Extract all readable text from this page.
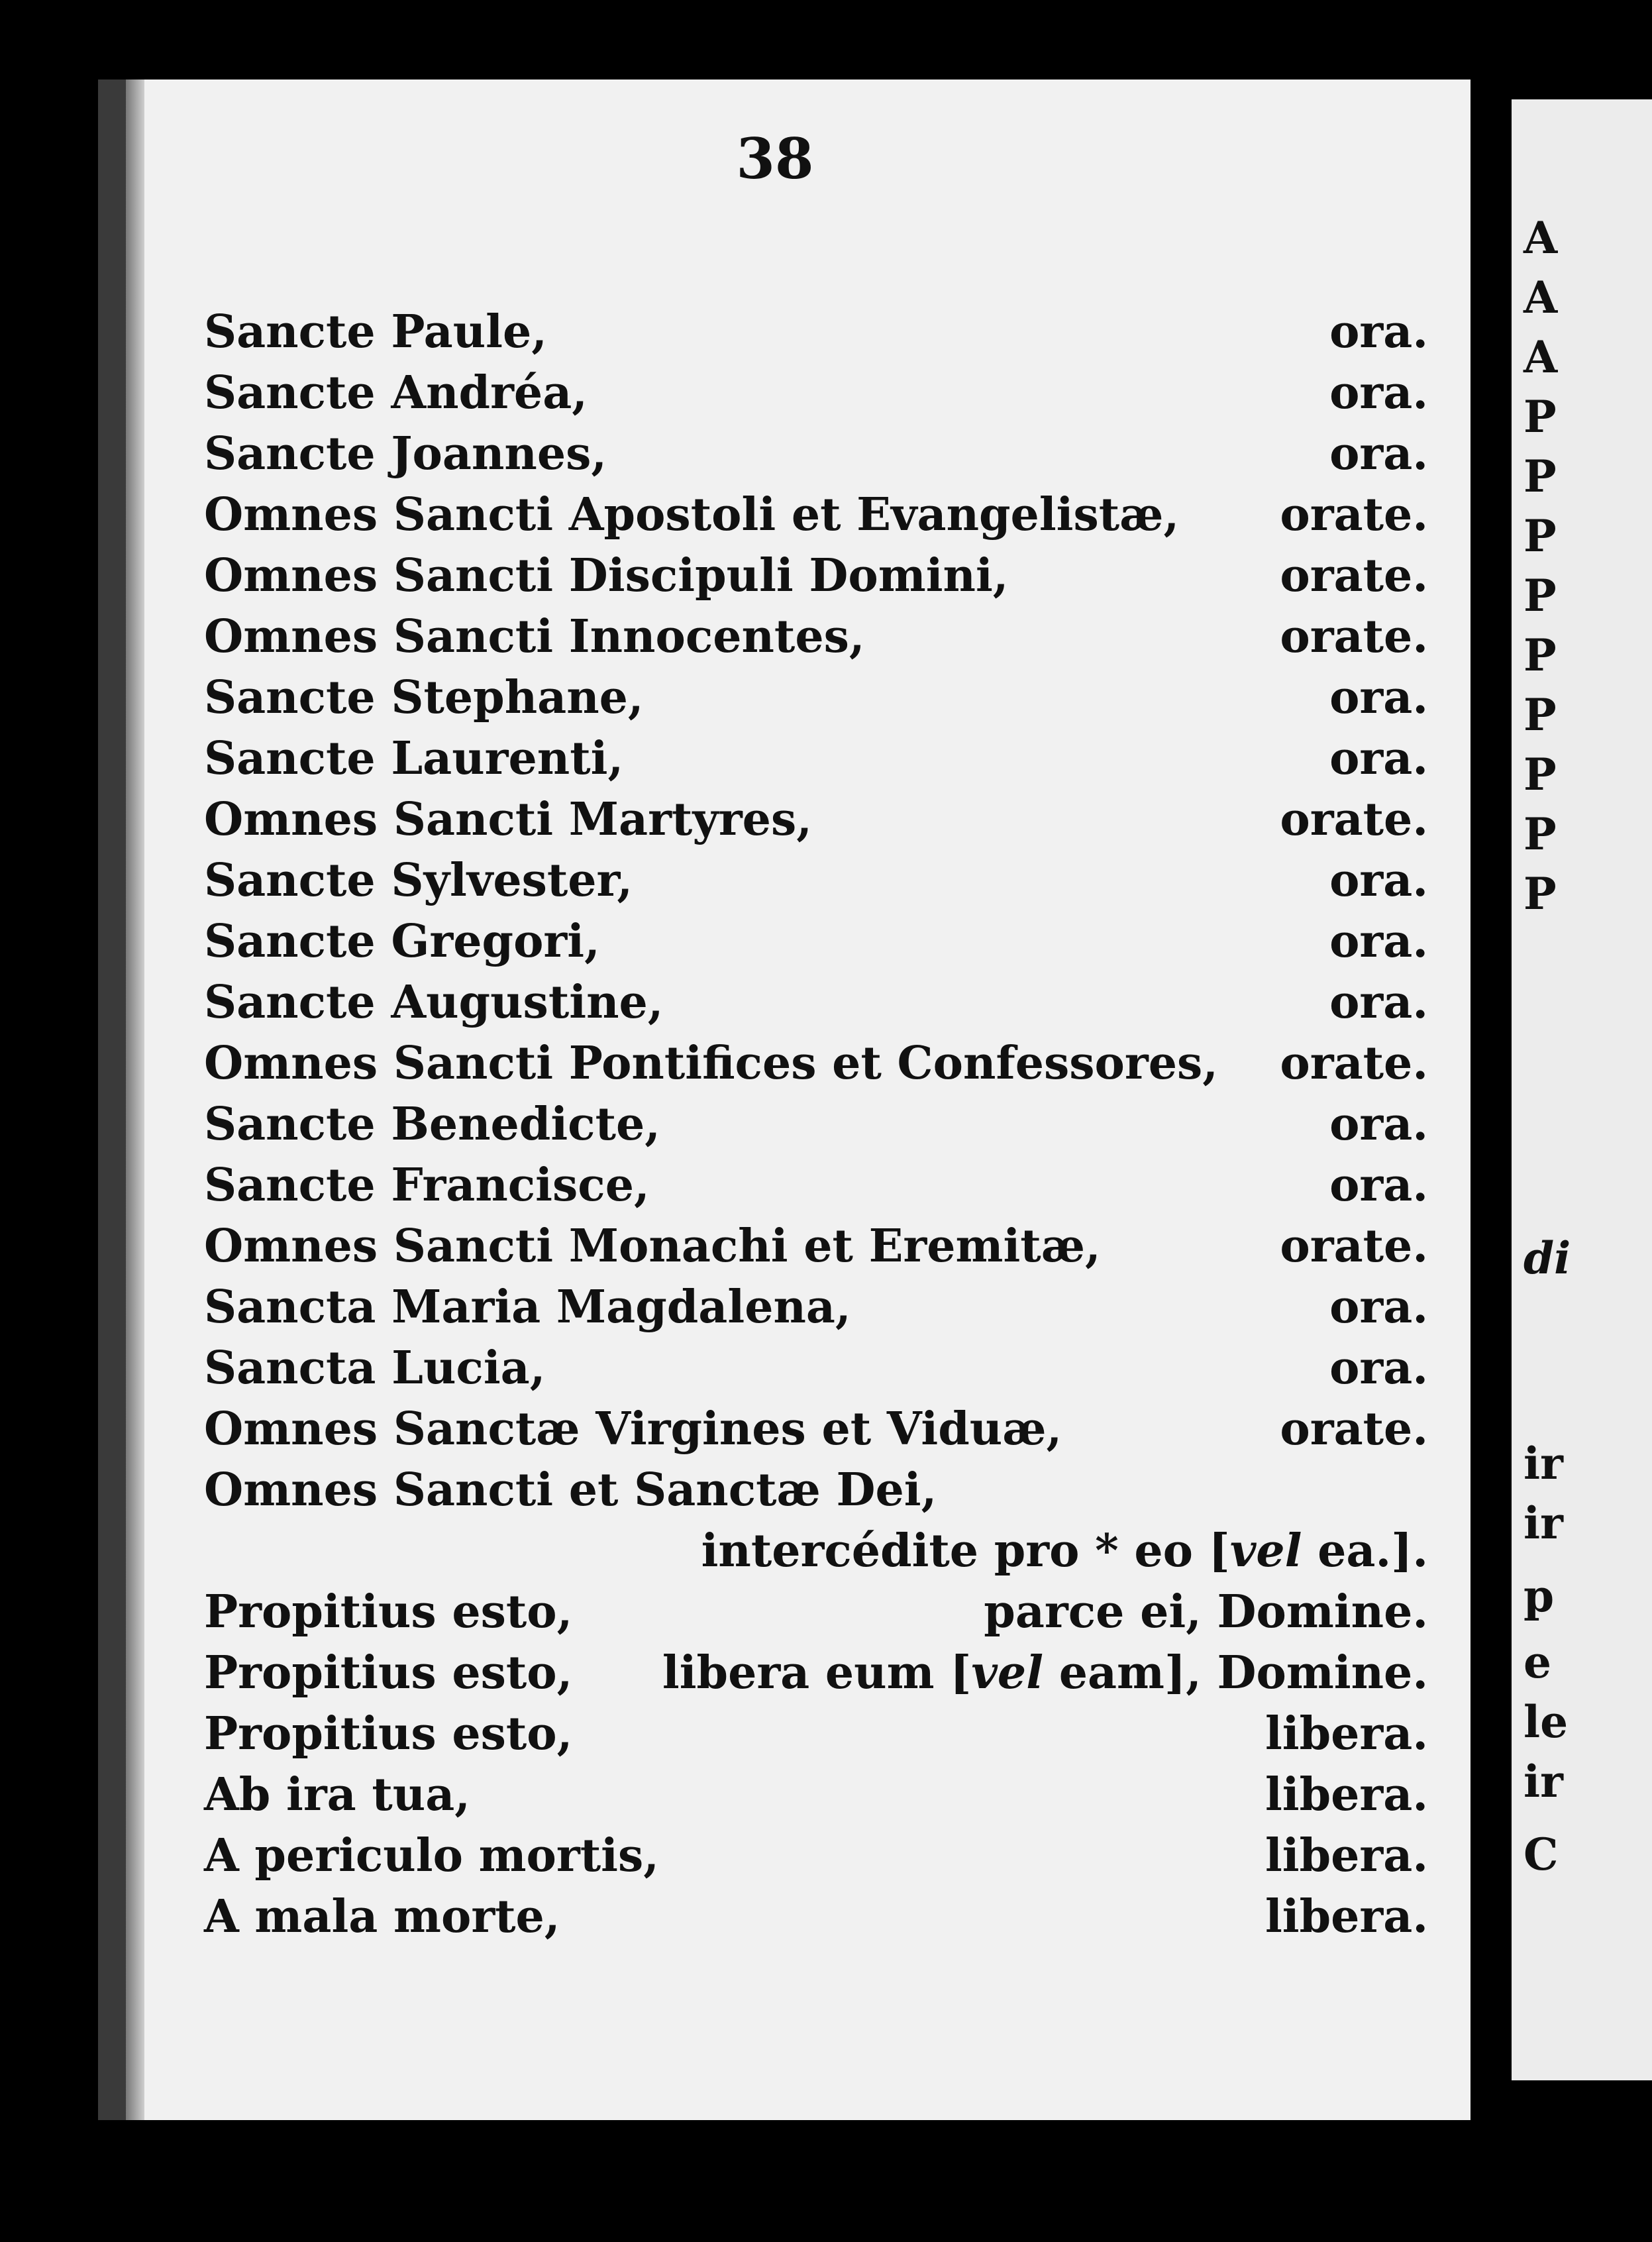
A
A
A
P
P
P
P
P
P
P
P
P
di
ir
ir
p
e
le
ir
C
38
Sancte Paule,	ora.
Sancte Andréa,	ora.
Sancte Joannes,	ora.
Omnes Sancti Apostoli et Evangelistæ, orate.
Omnes Sancti Discipuli Domini,	orate.
Omnes Sancti Innocentes,	orate.
Sancte Stephane,	ora.
Sancte Laurenti,	ora.
Omnes Sancti Martyres,	orate.
Sancte Sylvester,	ora.
Sancte Gregori,	ora.
Sancte Augustine,	ora.
Omnes Sancti Pontifices et Confessores, orate.
Sancte Benedicte,	ora.
Sancte Francisce,	ora.
Omnes Sancti Monachi et Eremitæ,	orate.
Sancta Maria Magdalena,	ora.
Sancta Lucia,	ora.
Omnes Sanctæ Virgines et Viduæ,	orate.
Omnes Sancti et Sanctæ Dei,
intercédite pro * eo [vel ea.].
Propitius esto,	parce ei, Domine.
Propitius esto, libera eum [vel eam], Domine.
Propitius esto,	libera.
Ab ira tua,	libera.
A periculo mortis,	libera.
A mala morte,	libera.
